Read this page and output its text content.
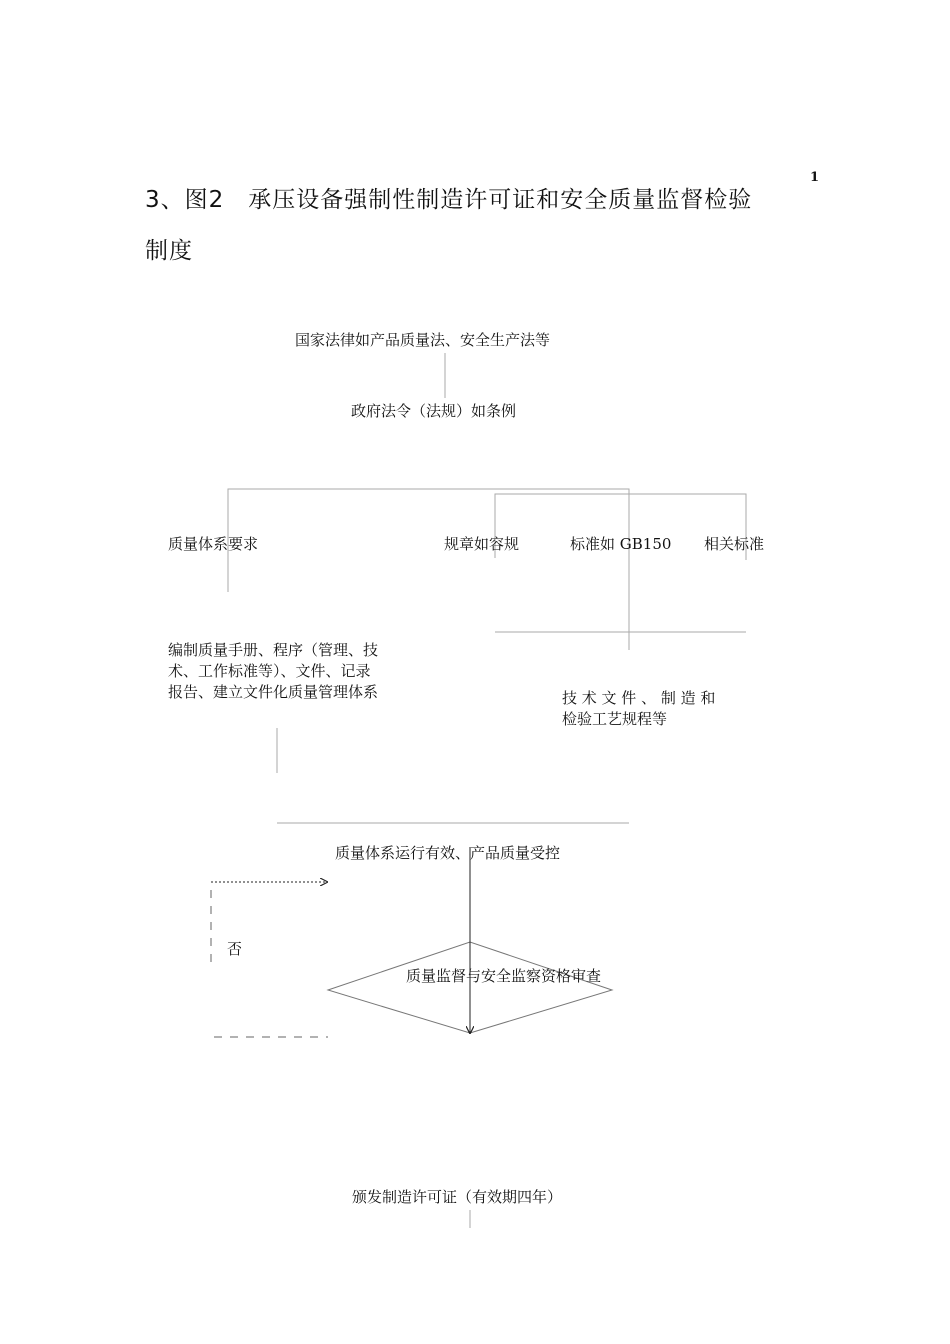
1
3、图2　承压设备强制性制造许可证和安全质量监督检验
制度
国家法律如产品质量法、安全生产法等
政府法令（法规）如条例
质量体系要求	规章如容规	标准如 GB150 相关标准
编制质量手册、程序（管理、技
术、工作标准等）、文件、记录
报告、建立文件化质量管理体系	技 术 文 件 、 制 造 和
检验工艺规程等
质量体系运行有效、产品质量受控
否
质量监督与安全监察资格审查
颁发制造许可证（有效期四年）
